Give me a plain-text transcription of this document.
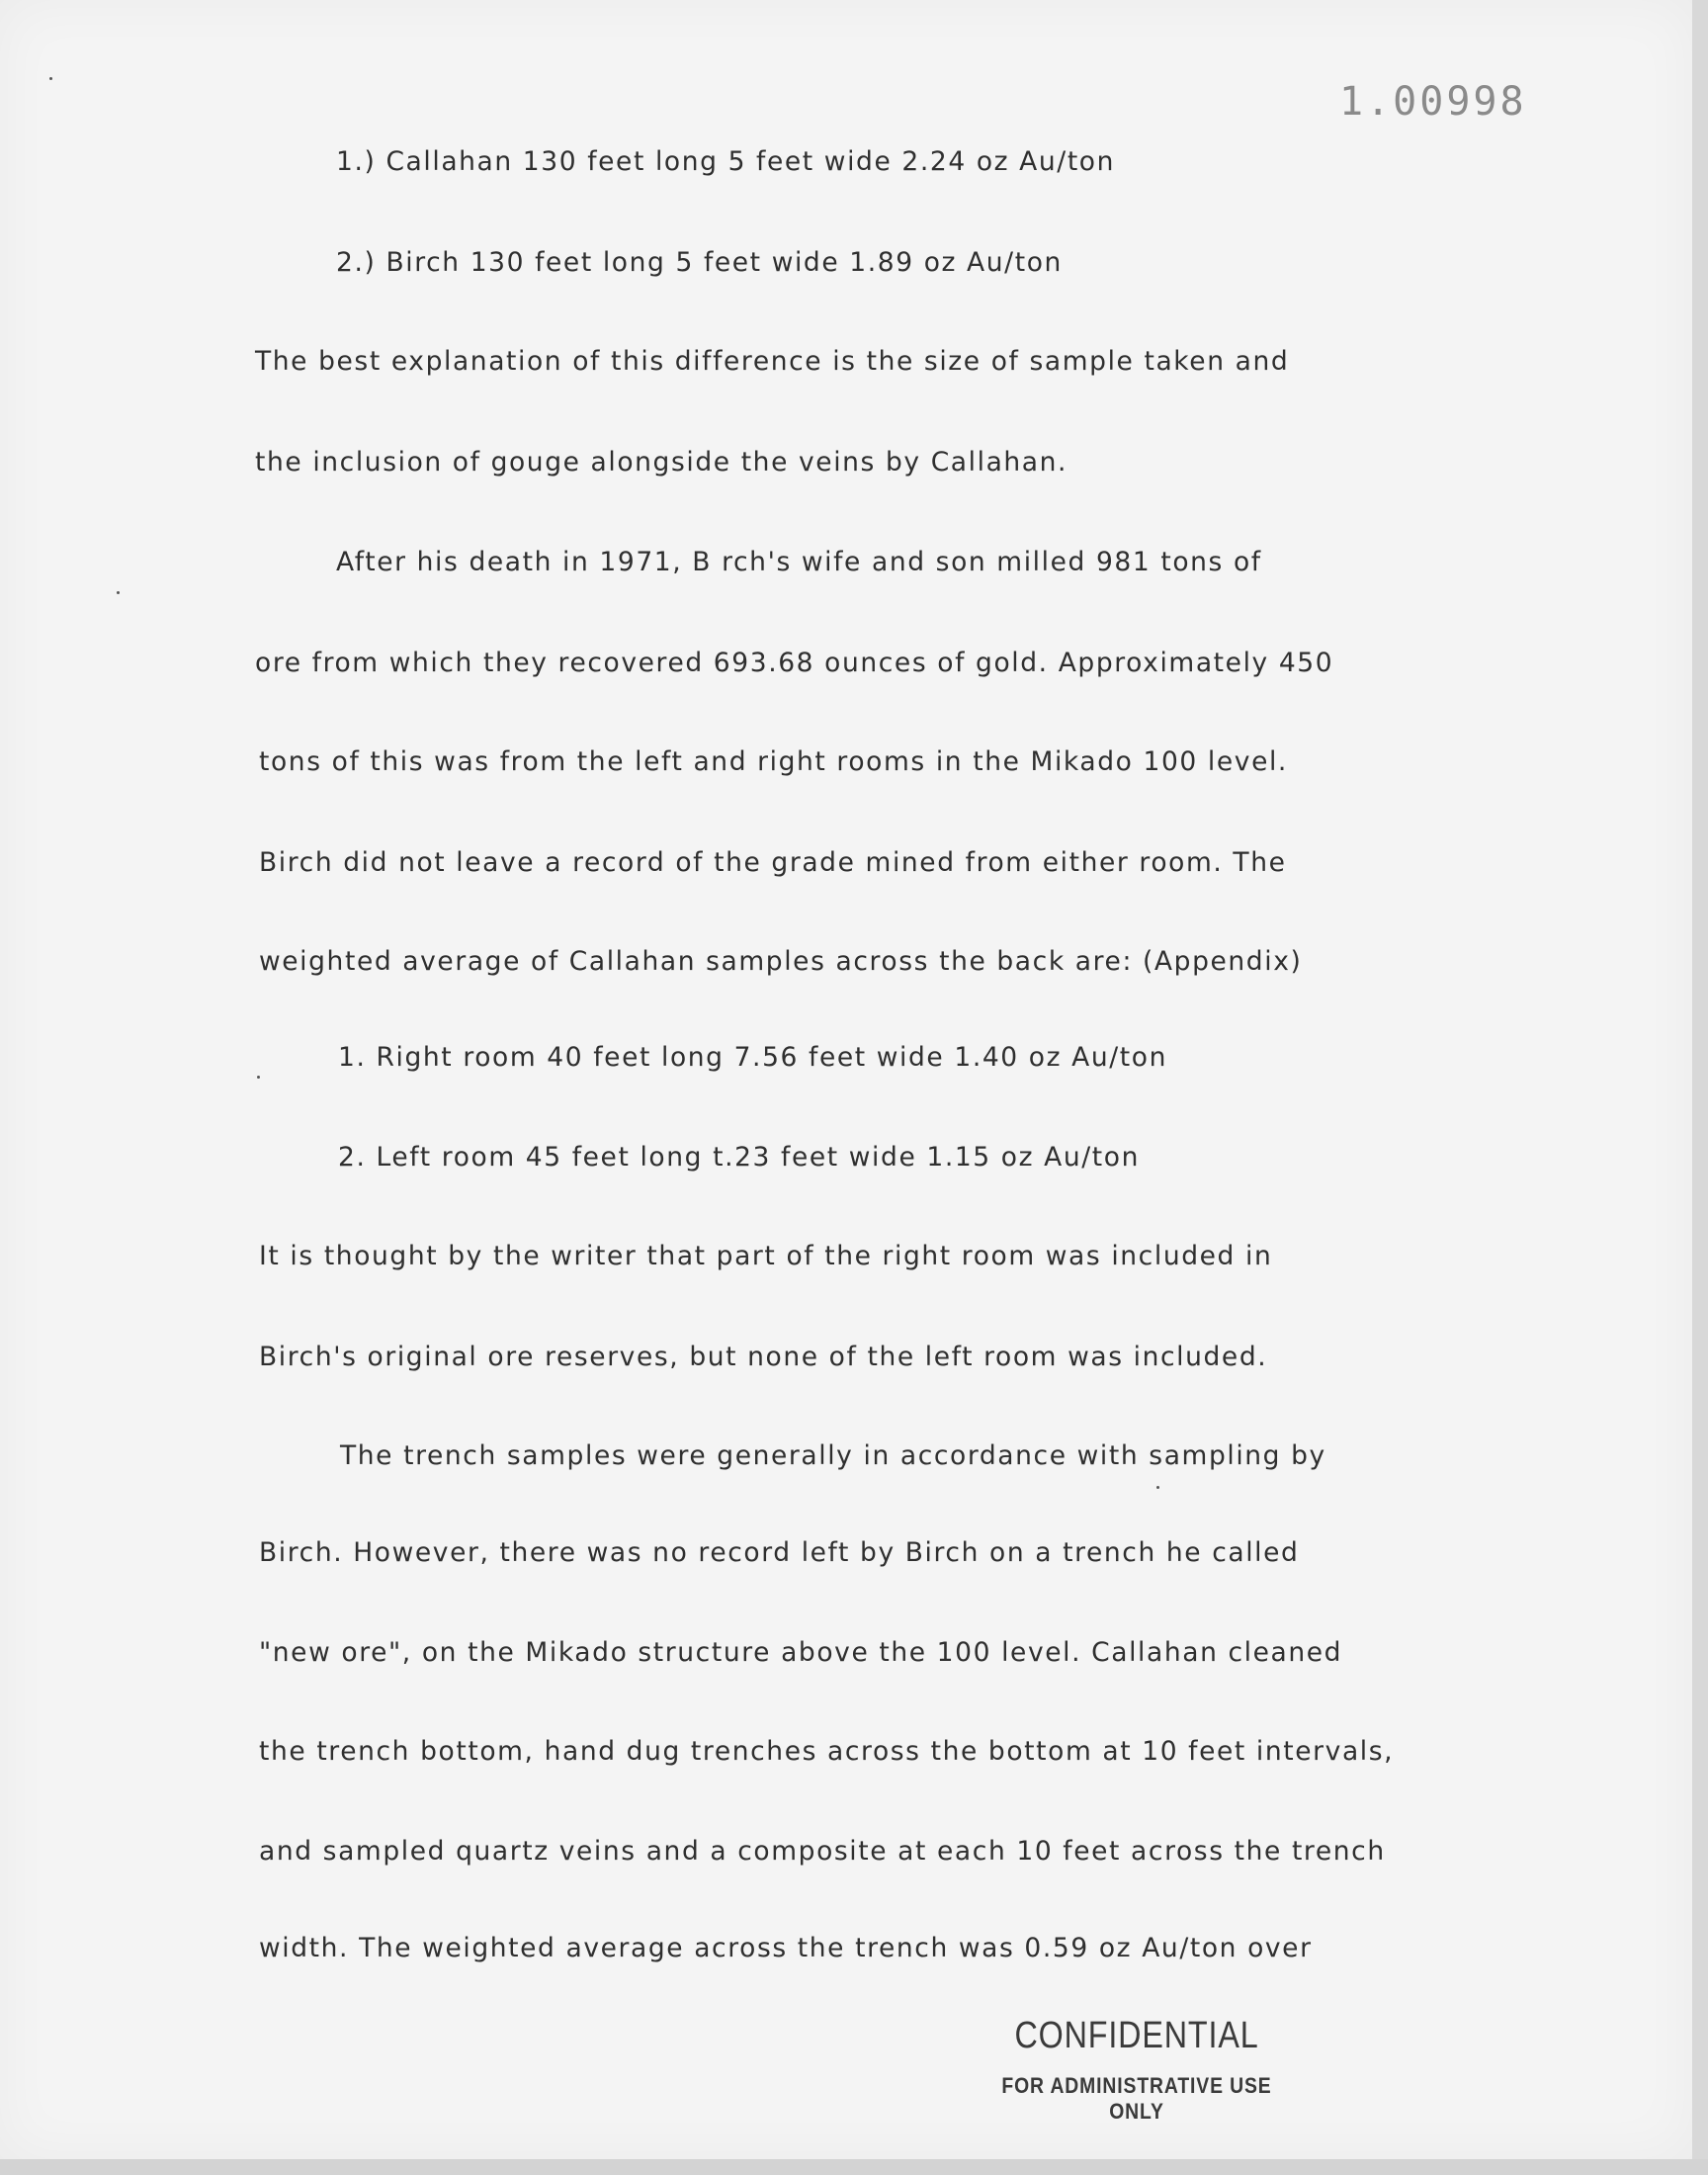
1.00998

1.) Callahan 130 feet long 5 feet wide 2.24 oz Au/ton

2.) Birch 130 feet long 5 feet wide 1.89 oz Au/ton

The best explanation of this difference is the size of sample taken and

the inclusion of gouge alongside the veins by Callahan.

After his death in 1971, B rch's wife and son milled 981 tons of

ore from which they recovered 693.68 ounces of gold. Approximately 450

tons of this was from the left and right rooms in the Mikado 100 level.

Birch did not leave a record of the grade mined from either room. The

weighted average of Callahan samples across the back are: (Appendix)

1. Right room 40 feet long 7.56 feet wide 1.40 oz Au/ton

2. Left room 45 feet long t.23 feet wide 1.15 oz Au/ton

It is thought by the writer that part of the right room was included in

Birch's original ore reserves, but none of the left room was included.

The trench samples were generally in accordance with sampling by

Birch. However, there was no record left by Birch on a trench he called

"new ore", on the Mikado structure above the 100 level. Callahan cleaned

the trench bottom, hand dug trenches across the bottom at 10 feet intervals,

and sampled quartz veins and a composite at each 10 feet across the trench

width. The weighted average across the trench was 0.59 oz Au/ton over

CONFIDENTIAL
FOR ADMINISTRATIVE USE ONLY
